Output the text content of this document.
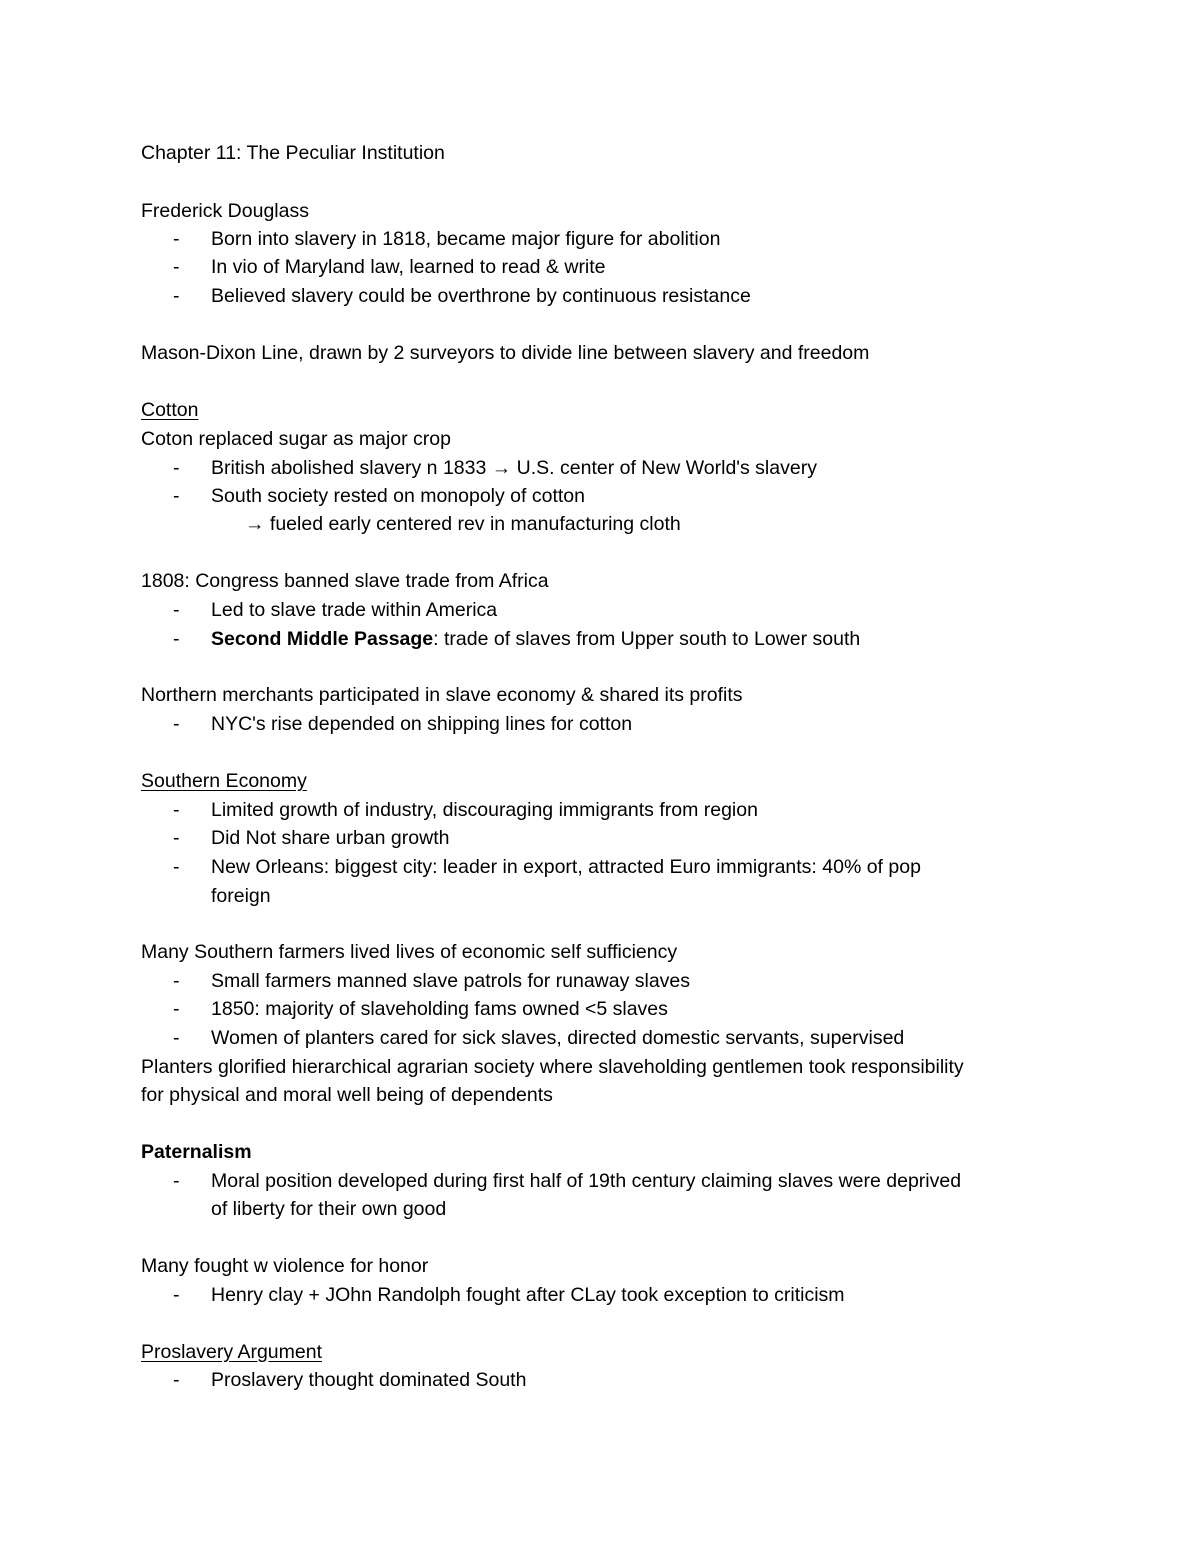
Chapter 11: The Peculiar Institution
Frederick Douglass
- Born into slavery in 1818, became major figure for abolition
- In vio of Maryland law, learned to read & write
- Believed slavery could be overthrone by continuous resistance
Mason-Dixon Line, drawn by 2 surveyors to divide line between slavery and freedom
Cotton
Coton replaced sugar as major crop
- British abolished slavery n 1833 → U.S. center of New World's slavery
- South society rested on monopoly of cotton
→ fueled early centered rev in manufacturing cloth
1808: Congress banned slave trade from Africa
- Led to slave trade within America
- Second Middle Passage: trade of slaves from Upper south to Lower south
Northern merchants participated in slave economy & shared its profits
- NYC's rise depended on shipping lines for cotton
Southern Economy
- Limited growth of industry, discouraging immigrants from region
- Did Not share urban growth
- New Orleans: biggest city: leader in export, attracted Euro immigrants: 40% of pop
foreign
Many Southern farmers lived lives of economic self sufficiency
- Small farmers manned slave patrols for runaway slaves
- 1850: majority of slaveholding fams owned <5 slaves
- Women of planters cared for sick slaves, directed domestic servants, supervised
Planters glorified hierarchical agrarian society where slaveholding gentlemen took responsibility
for physical and moral well being of dependents
Paternalism
- Moral position developed during first half of 19th century claiming slaves were deprived
of liberty for their own good
Many fought w violence for honor
- Henry clay + JOhn Randolph fought after CLay took exception to criticism
Proslavery Argument
- Proslavery thought dominated South
